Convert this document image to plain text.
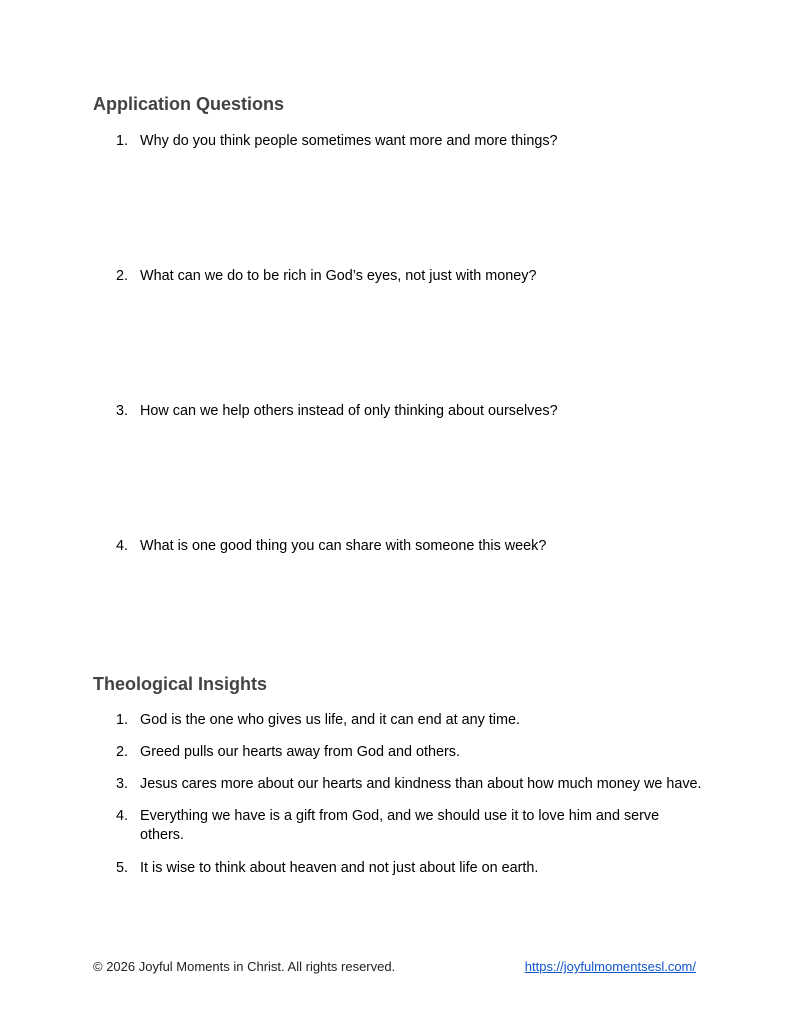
Application Questions
1. Why do you think people sometimes want more and more things?
2. What can we do to be rich in God’s eyes, not just with money?
3. How can we help others instead of only thinking about ourselves?
4. What is one good thing you can share with someone this week?
Theological Insights
1. God is the one who gives us life, and it can end at any time.
2. Greed pulls our hearts away from God and others.
3. Jesus cares more about our hearts and kindness than about how much money we have.
4. Everything we have is a gift from God, and we should use it to love him and serve others.
5. It is wise to think about heaven and not just about life on earth.
© 2026 Joyful Moments in Christ. All rights reserved.	https://joyfulmomentsesl.com/
